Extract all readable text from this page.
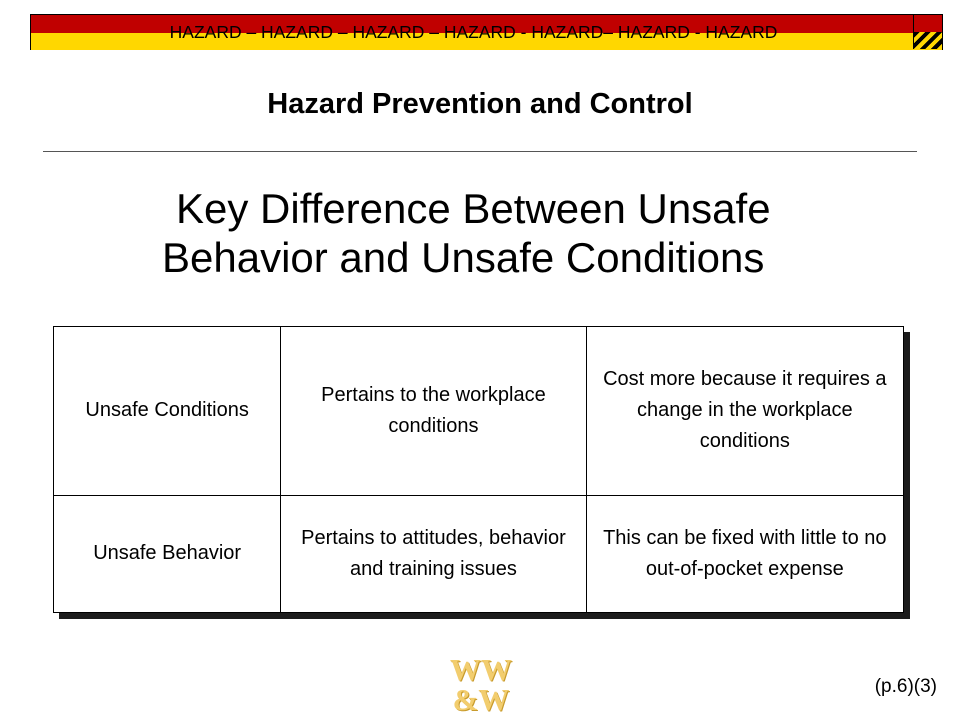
HAZARD – HAZARD – HAZARD – HAZARD - HAZARD– HAZARD - HAZARD
Hazard Prevention and Control
Key Difference Between Unsafe
Behavior and Unsafe Conditions
Unsafe Conditions	Pertains to the workplace conditions	Cost more because it requires a change in the workplace conditions
Unsafe Behavior	Pertains to attitudes, behavior and training issues	This can be fixed with little to no out-of-pocket expense
WW
&W	(p.6)(3)
